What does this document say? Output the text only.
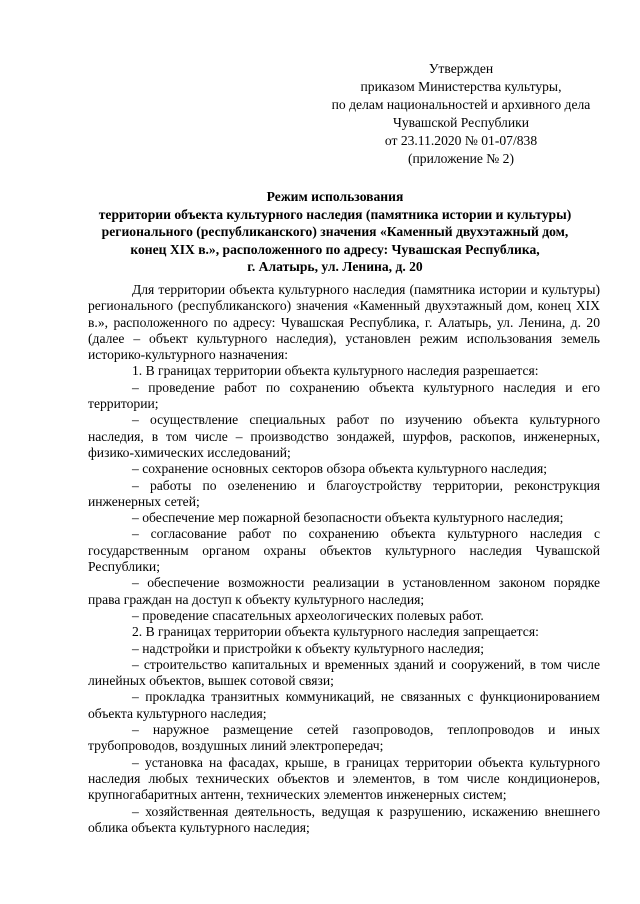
Утвержден
приказом Министерства культуры,
по делам национальностей и архивного дела
Чувашской Республики
от 23.11.2020 № 01-07/838
(приложение № 2)
Режим использования
территории объекта культурного наследия (памятника истории и культуры)
регионального (республиканского) значения «Каменный двухэтажный дом,
конец XIX в.», расположенного по адресу: Чувашская Республика,
г. Алатырь, ул. Ленина, д. 20

Для территории объекта культурного наследия (памятника истории и культуры) регионального (республиканского) значения «Каменный двухэтажный дом, конец XIX в.», расположенного по адресу: Чувашская Республика, г. Алатырь, ул. Ленина, д. 20 (далее – объект культурного наследия), установлен режим использования земель историко-культурного назначения:

1. В границах территории объекта культурного наследия разрешается:

– проведение работ по сохранению объекта культурного наследия и его территории;

– осуществление специальных работ по изучению объекта культурного наследия, в том числе – производство зондажей, шурфов, раскопов, инженерных, физико-химических исследований;

– сохранение основных секторов обзора объекта культурного наследия;

– работы по озеленению и благоустройству территории, реконструкция инженерных сетей;

– обеспечение мер пожарной безопасности объекта культурного наследия;

– согласование работ по сохранению объекта культурного наследия с государственным органом охраны объектов культурного наследия Чувашской Республики;

– обеспечение возможности реализации в установленном законом порядке права граждан на доступ к объекту культурного наследия;

– проведение спасательных археологических полевых работ.

2. В границах территории объекта культурного наследия запрещается:

– надстройки и пристройки к объекту культурного наследия;

– строительство капитальных и временных зданий и сооружений, в том числе линейных объектов, вышек сотовой связи;

– прокладка транзитных коммуникаций, не связанных с функционированием объекта культурного наследия;

– наружное размещение сетей газопроводов, теплопроводов и иных трубопроводов, воздушных линий электропередач;

– установка на фасадах, крыше, в границах территории объекта культурного наследия любых технических объектов и элементов, в том числе кондиционеров, крупногабаритных антенн, технических элементов инженерных систем;

– хозяйственная деятельность, ведущая к разрушению, искажению внешнего облика объекта культурного наследия;
